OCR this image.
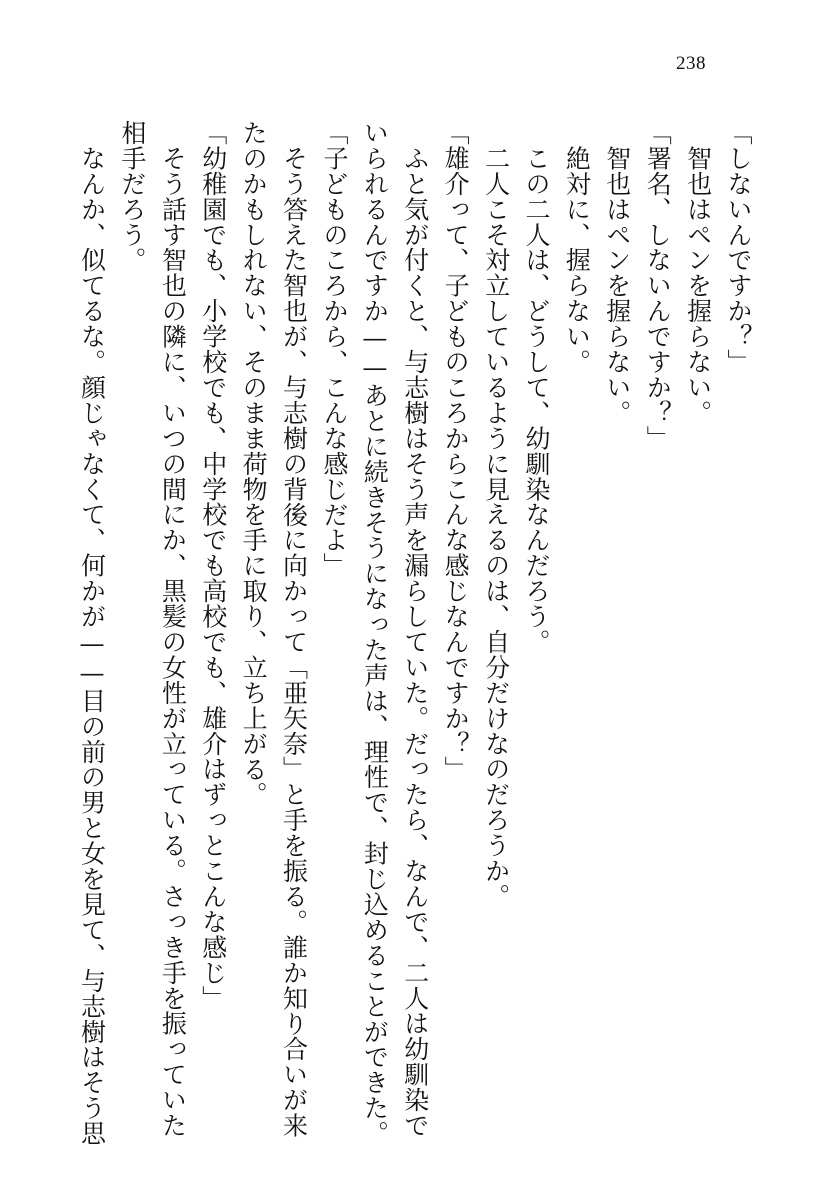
238
「しないんですか？」
　智也はペンを握らない。
「署名、しないんですか？」
　智也はペンを握らない。
　絶対に、握らない。
　この二人は、どうして、幼馴染なんだろう。
　二人こそ対立しているように見えるのは、自分だけなのだろうか。
「雄介って、子どものころからこんな感じなんですか？」
　ふと気が付くと、与志樹はそう声を漏らしていた。だったら、なんで、二人は幼馴染で
いられるんですか——あとに続きそうになった声は、理性で、封じ込めることができた。
「子どものころから、こんな感じだよ」
　そう答えた智也が、与志樹の背後に向かって「亜矢奈」と手を振る。誰か知り合いが来
たのかもしれない、そのまま荷物を手に取り、立ち上がる。
「幼稚園でも、小学校でも、中学校でも高校でも、雄介はずっとこんな感じ」
　そう話す智也の隣に、いつの間にか、黒髪の女性が立っている。さっき手を振っていた
相手だろう。
　なんか、似てるな。顔じゃなくて、何かが——目の前の男と女を見て、与志樹はそう思
